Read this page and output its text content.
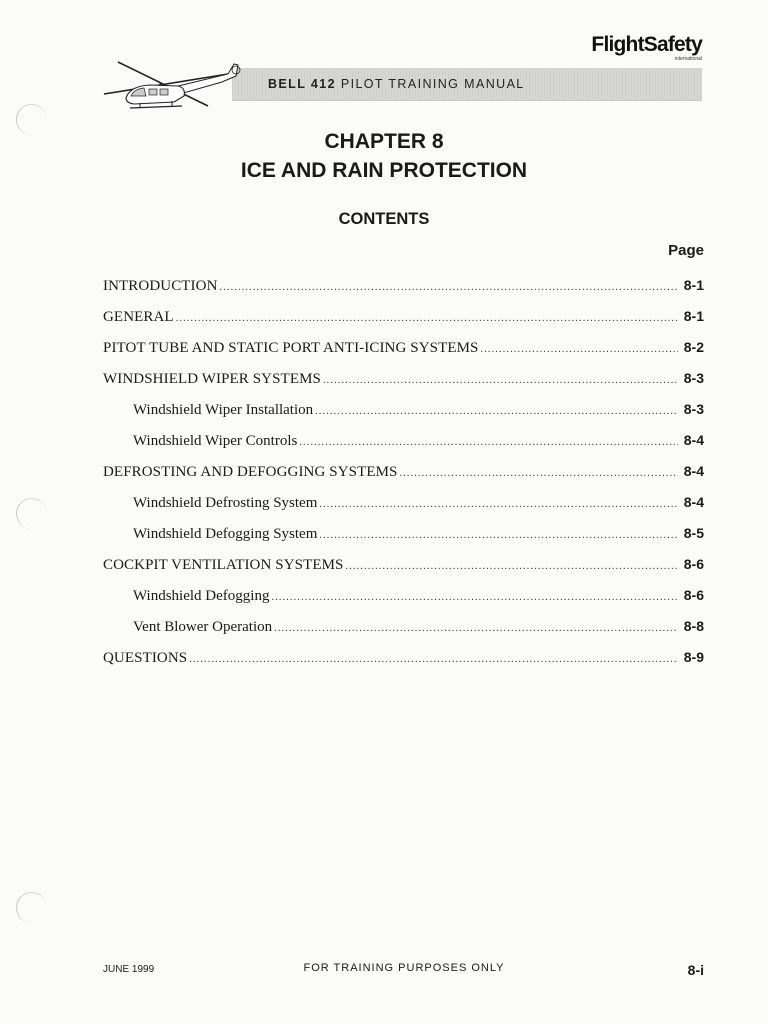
FlightSafety
international
BELL 412 PILOT TRAINING MANUAL
CHAPTER 8
ICE AND RAIN PROTECTION
CONTENTS
Page
INTRODUCTION .....	8-1
GENERAL .....	8-1
PITOT TUBE AND STATIC PORT ANTI-ICING SYSTEMS .....	8-2
WINDSHIELD WIPER SYSTEMS .....	8-3
Windshield Wiper Installation .....	8-3
Windshield Wiper Controls .....	8-4
DEFROSTING AND DEFOGGING SYSTEMS .....	8-4
Windshield Defrosting System .....	8-4
Windshield Defogging System .....	8-5
COCKPIT VENTILATION SYSTEMS .....	8-6
Windshield Defogging .....	8-6
Vent Blower Operation .....	8-8
QUESTIONS .....	8-9
JUNE 1999	FOR TRAINING PURPOSES ONLY	8-i
